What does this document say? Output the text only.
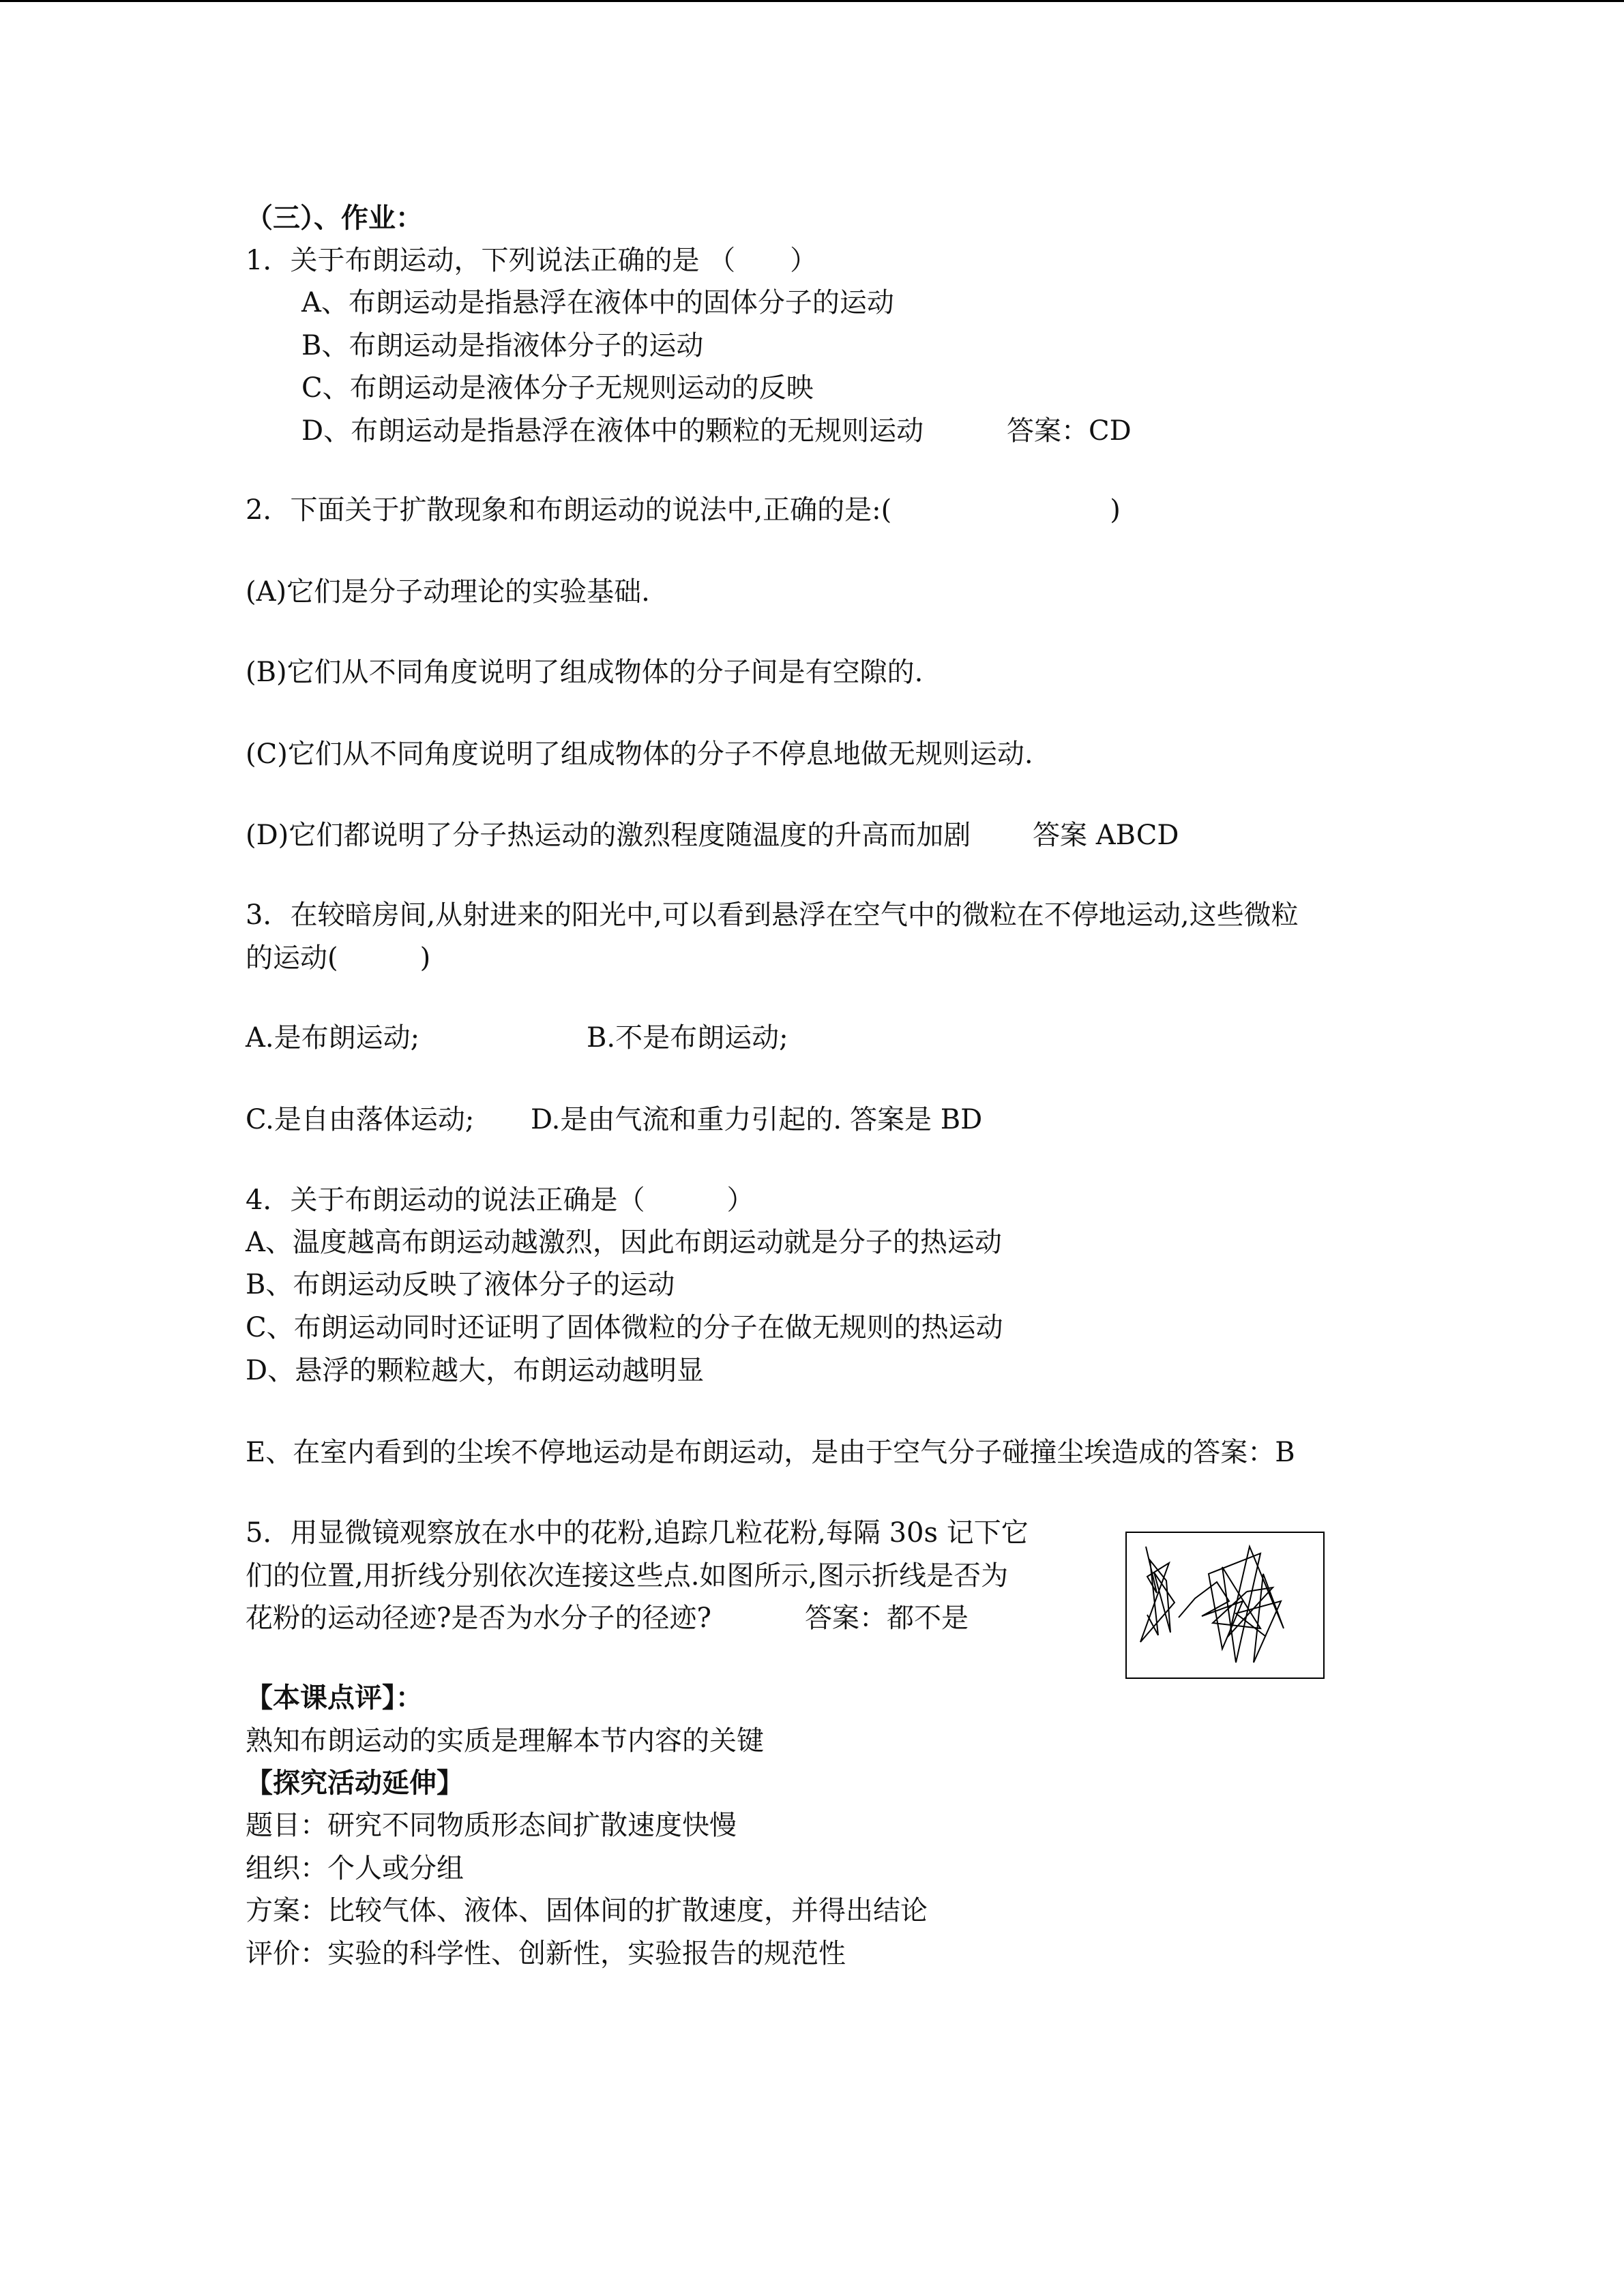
（三）、作业：
1．关于布朗运动，下列说法正确的是 （　　）
A、布朗运动是指悬浮在液体中的固体分子的运动
B、布朗运动是指液体分子的运动
C、布朗运动是液体分子无规则运动的反映
D、布朗运动是指悬浮在液体中的颗粒的无规则运动	答案：CD
2．下面关于扩散现象和布朗运动的说法中,正确的是:(　　　　　　　　)
(A)它们是分子动理论的实验基础.
(B)它们从不同角度说明了组成物体的分子间是有空隙的.
(C)它们从不同角度说明了组成物体的分子不停息地做无规则运动.
(D)它们都说明了分子热运动的激烈程度随温度的升高而加剧 答案 ABCD
3．在较暗房间,从射进来的阳光中,可以看到悬浮在空气中的微粒在不停地运动,这些微粒
的运动(　　　)
A.是布朗运动;	B.不是布朗运动;
C.是自由落体运动; D.是由气流和重力引起的. 答案是 BD
4．关于布朗运动的说法正确是（　　　）
A、温度越高布朗运动越激烈，因此布朗运动就是分子的热运动
B、布朗运动反映了液体分子的运动
C、布朗运动同时还证明了固体微粒的分子在做无规则的热运动
D、悬浮的颗粒越大，布朗运动越明显
E、在室内看到的尘埃不停地运动是布朗运动，是由于空气分子碰撞尘埃造成的答案：B
5．用显微镜观察放在水中的花粉,追踪几粒花粉,每隔 30s 记下它
们的位置,用折线分别依次连接这些点.如图所示,图示折线是否为
花粉的运动径迹?是否为水分子的径迹?	答案：都不是
【本课点评】：
熟知布朗运动的实质是理解本节内容的关键
【探究活动延伸】
题目：研究不同物质形态间扩散速度快慢
组织：个人或分组
方案：比较气体、液体、固体间的扩散速度，并得出结论
评价：实验的科学性、创新性，实验报告的规范性
